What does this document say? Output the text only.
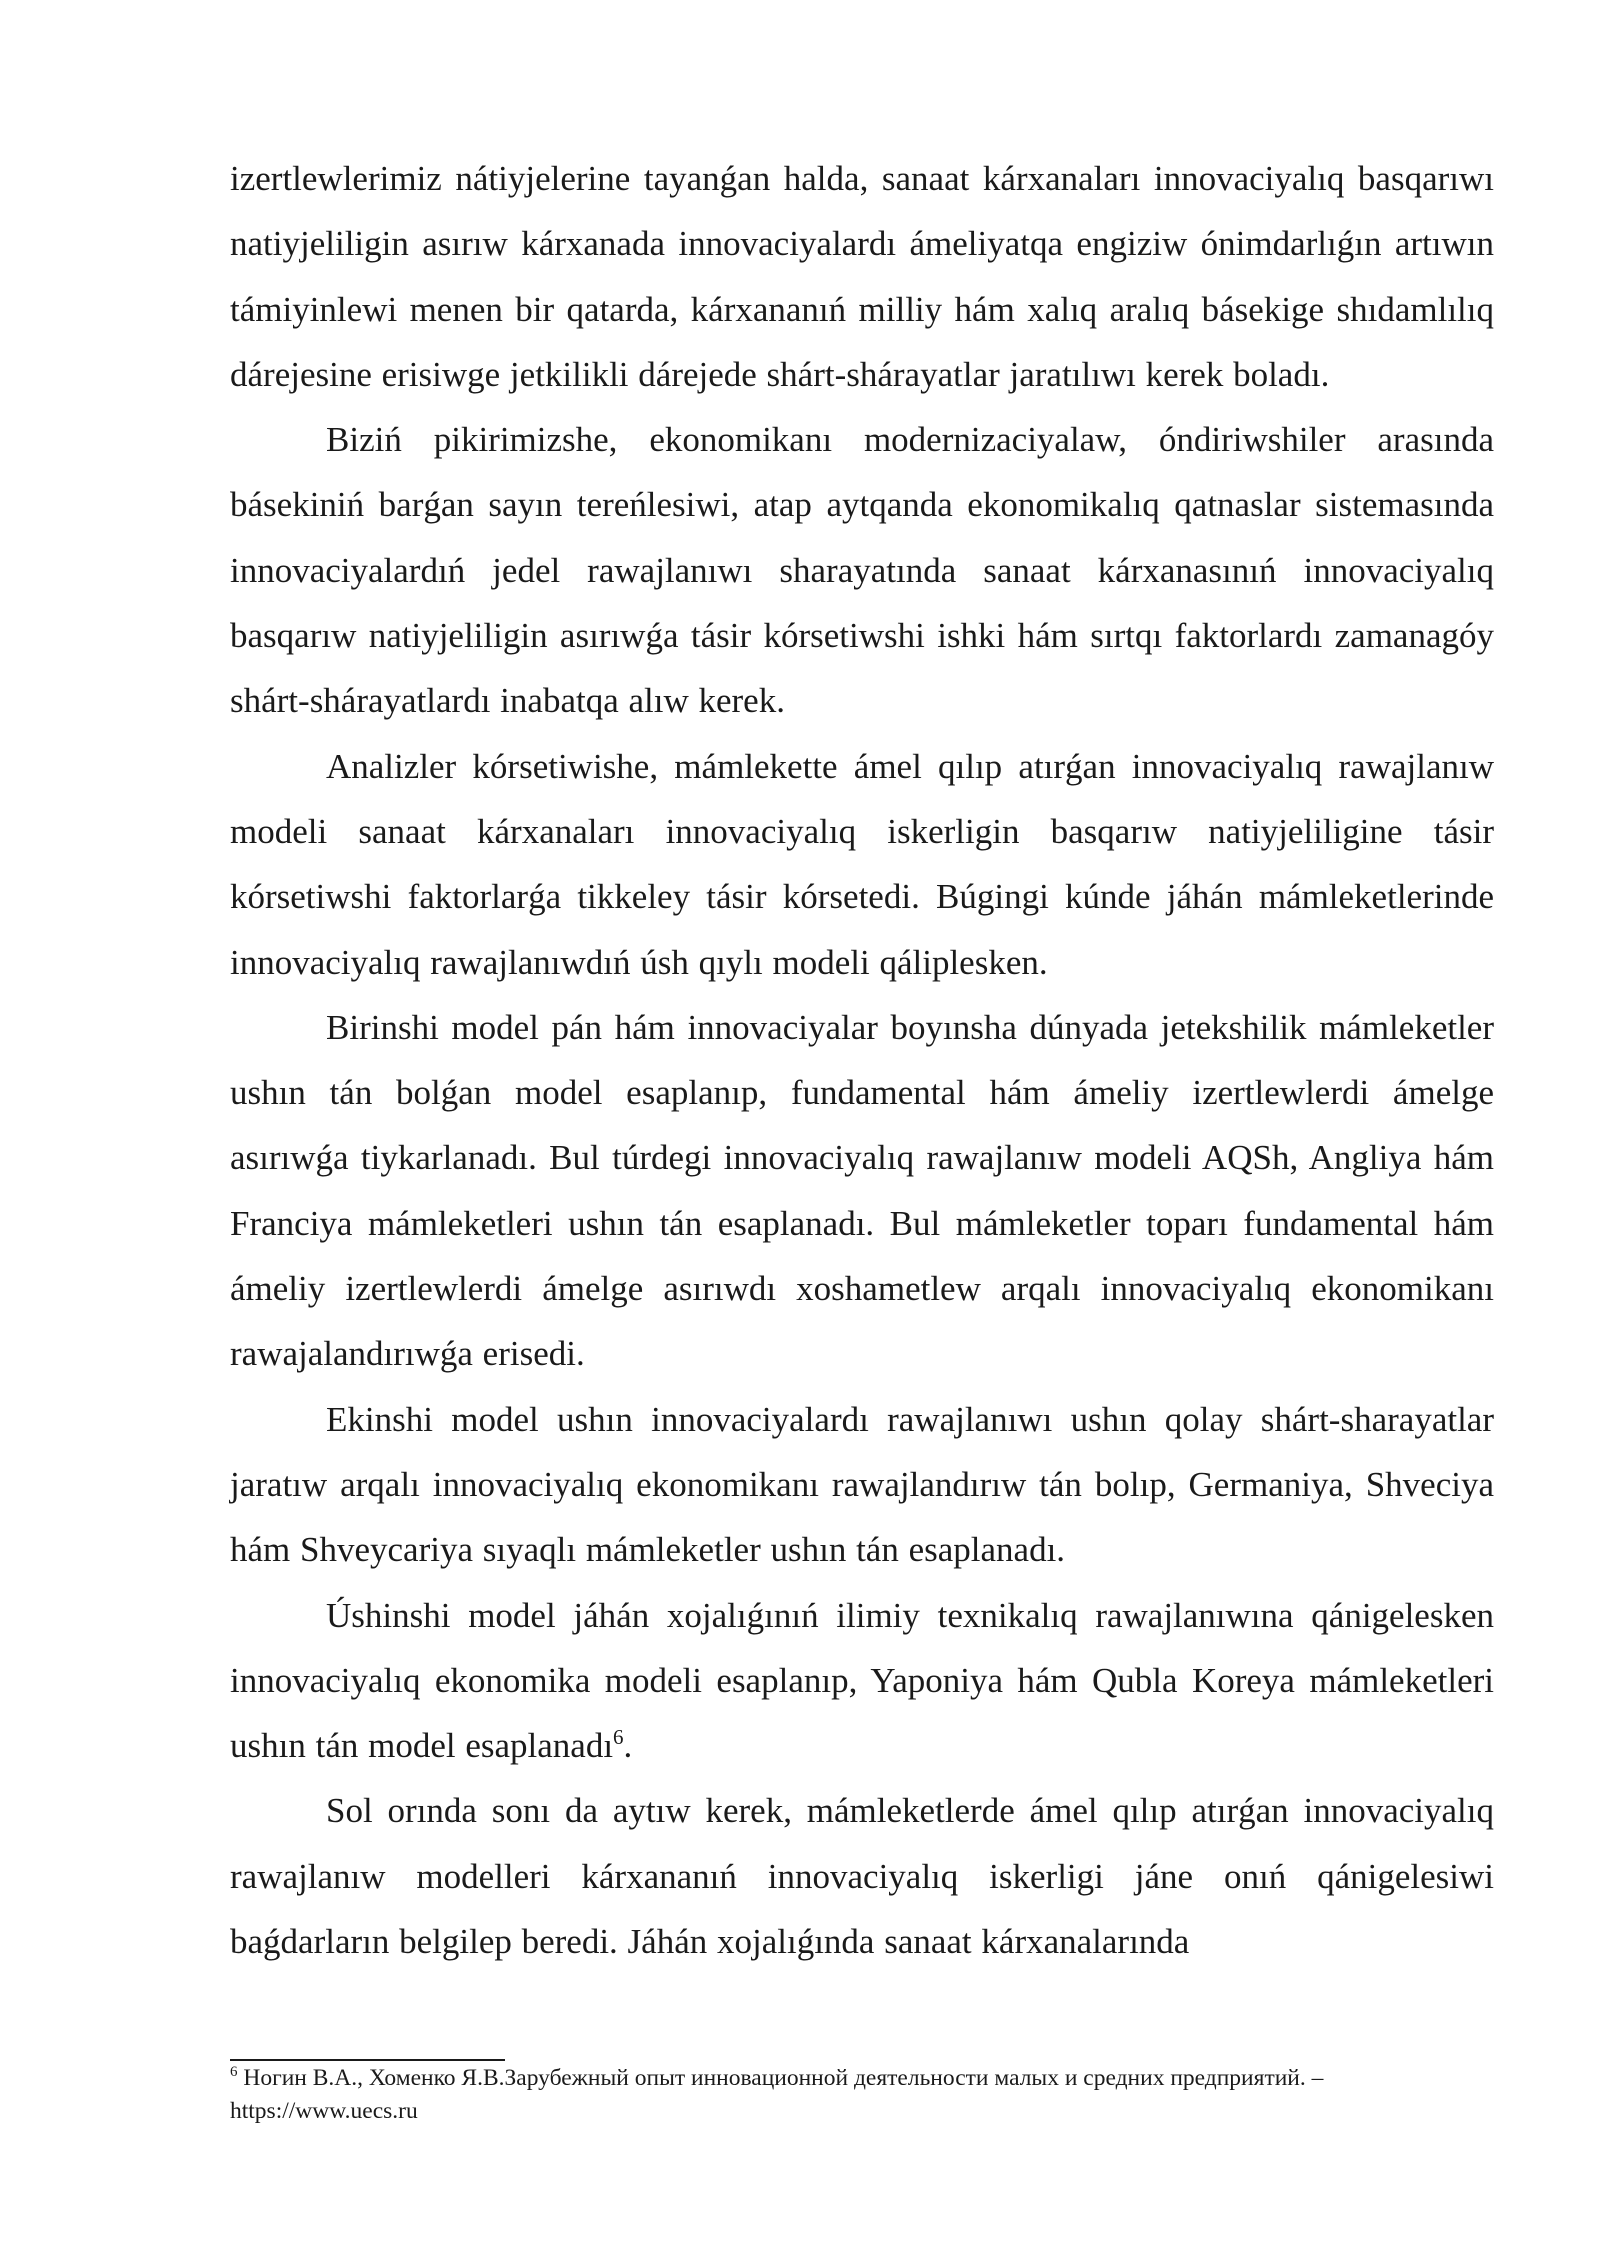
izertlewlerimiz nátiyjelerine tayanǵan halda, sanaat kárxanaları innovaciyalıq basqarıwı natiyjeliligin asırıw kárxanada innovaciyalardı ámeliyatqa engiziw ónimdarlıǵın artıwın támiyinlewi menen bir qatarda, kárxananıń milliy hám xalıq aralıq básekige shıdamlılıq dárejesine erisiwge jetkilikli dárejede shárt-shárayatlar jaratılıwı kerek boladı.

Biziń pikirimizshe, ekonomikanı modernizaciyalaw, óndiriwshiler arasında básekiniń barǵan sayın tereńlesiwi, atap aytqanda ekonomikalıq qatnaslar sistemasında innovaciyalardıń jedel rawajlanıwı sharayatında sanaat kárxanasınıń innovaciyalıq basqarıw natiyjeliligin asırıwǵa tásir kórsetiwshi ishki hám sırtqı faktorlardı zamanagóy shárt-shárayatlardı inabatqa alıw kerek.

Analizler kórsetiwishe, mámlekette ámel qılıp atırǵan innovaciyalıq rawajlanıw modeli sanaat kárxanaları innovaciyalıq iskerligin basqarıw natiyjeliligine tásir kórsetiwshi faktorlarǵa tikkeley tásir kórsetedi. Búgingi kúnde jáhán mámleketlerinde innovaciyalıq rawajlanıwdıń úsh qıylı modeli qáliplesken.

Birinshi model pán hám innovaciyalar boyınsha dúnyada jetekshilik mámleketler ushın tán bolǵan model esaplanıp, fundamental hám ámeliy izertlewlerdi ámelge asırıwǵa tiykarlanadı. Bul túrdegi innovaciyalıq rawajlanıw modeli AQSh, Angliya hám Franciya mámleketleri ushın tán esaplanadı. Bul mámleketler toparı fundamental hám ámeliy izertlewlerdi ámelge asırıwdı xoshametlew arqalı innovaciyalıq ekonomikanı rawajalandırıwǵa erisedi.

Ekinshi model ushın innovaciyalardı rawajlanıwı ushın qolay shárt-sharayatlar jaratıw arqalı innovaciyalıq ekonomikanı rawajlandırıw tán bolıp, Germaniya, Shveciya hám Shveycariya sıyaqlı mámleketler ushın tán esaplanadı.

Úshinshi model jáhán xojalıǵınıń ilimiy texnikalıq rawajlanıwına qánigelesken innovaciyalıq ekonomika modeli esaplanıp, Yaponiya hám Qubla Koreya mámleketleri ushın tán model esaplanadı$^6$.

Sol orında sonı da aytıw kerek, mámleketlerde ámel qılıp atırǵan innovaciyalıq rawajlanıw modelleri kárxananıń innovaciyalıq iskerligi jáne onıń qánigelesiwi baǵdarların belgilep beredi. Jáhán xojalıǵında sanaat kárxanalarında

$^6$ Ногин В.А., Хоменко Я.В.Зарубежный опыт инновационной деятельности малых и средних предприятий. – https://www.uecs.ru
